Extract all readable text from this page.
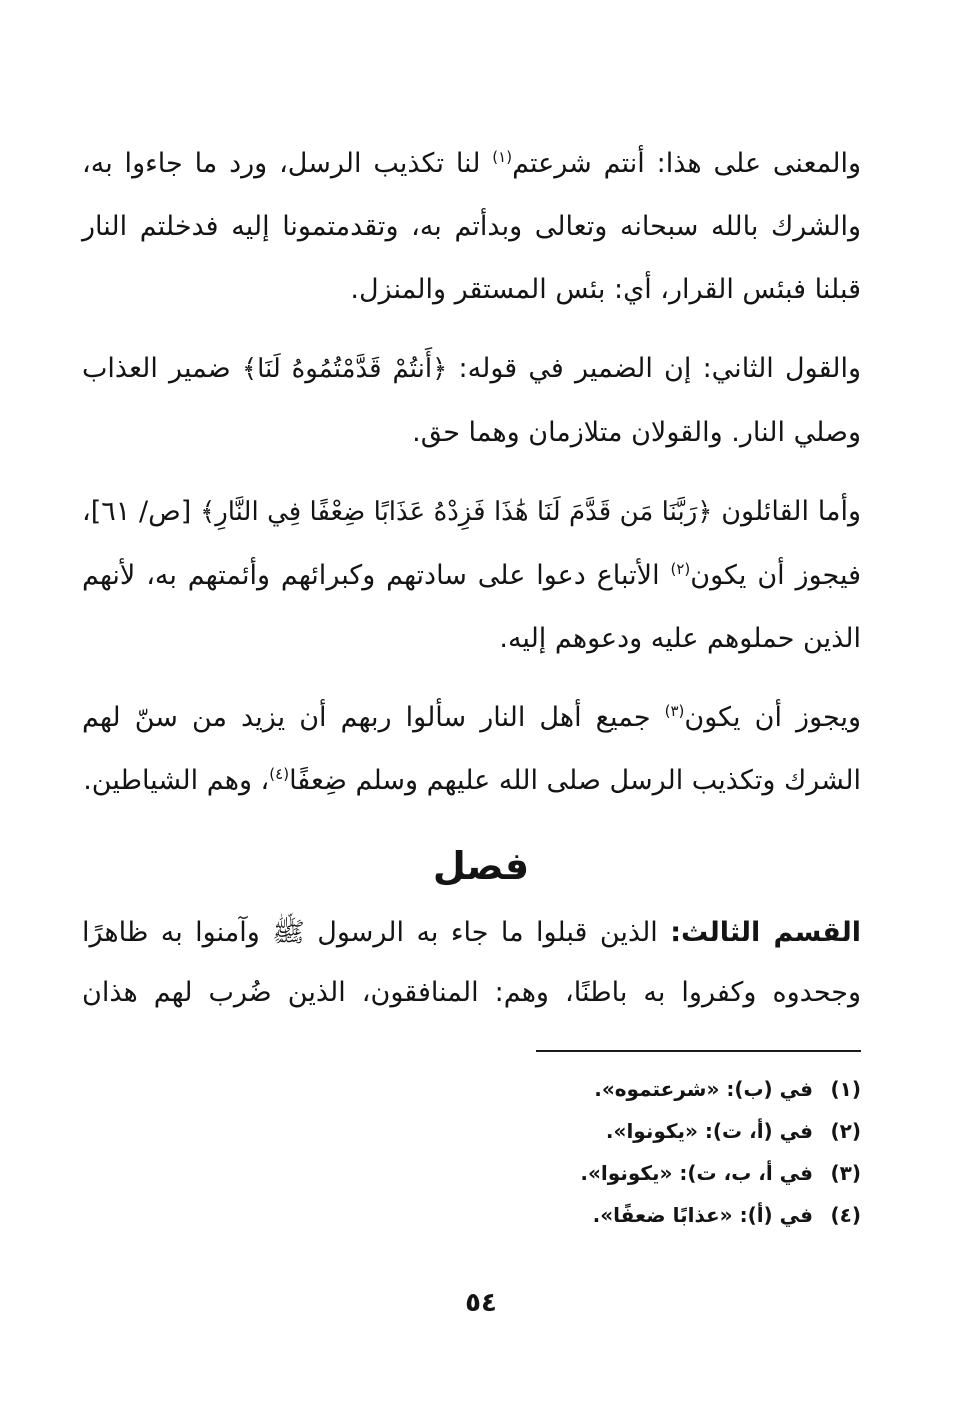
والمعنى على هذا: أنتم شرعتم$^{(١)}$ لنا تكذيب الرسل، ورد ما جاءوا به، والشرك بالله سبحانه وتعالى وبدأتم به، وتقدمتمونا إليه فدخلتم النار قبلنا فبئس القرار، أي: بئس المستقر والمنزل.

والقول الثاني: إن الضمير في قوله: ﴿أَنتُمْ قَدَّمْتُمُوهُ لَنَا﴾ ضمير العذاب وصلي النار. والقولان متلازمان وهما حق.

وأما القائلون ﴿رَبَّنَا مَن قَدَّمَ لَنَا هَٰذَا فَزِدْهُ عَذَابًا ضِعْفًا فِي النَّارِ﴾ [ص/ ٦١]، فيجوز أن يكون$^{(٢)}$ الأتباع دعوا على سادتهم وكبرائهم وأئمتهم به، لأنهم الذين حملوهم عليه ودعوهم إليه.

ويجوز أن يكون$^{(٣)}$ جميع أهل النار سألوا ربهم أن يزيد من سنّ لهم الشرك وتكذيب الرسل صلى الله عليهم وسلم ضِعفًا$^{(٤)}$، وهم الشياطين.

فصل
القسم الثالث: الذين قبلوا ما جاء به الرسول ﷺ وآمنوا به ظاهرًا وجحدوه وكفروا به باطنًا، وهم: المنافقون، الذين ضُرب لهم هذان
(١)
في (ب): «شرعتموه».
(٢)
في (أ، ت): «يكونوا».
(٣)
في أ، ب، ت): «يكونوا».
(٤)
في (أ): «عذابًا ضعفًا».
٥٤
